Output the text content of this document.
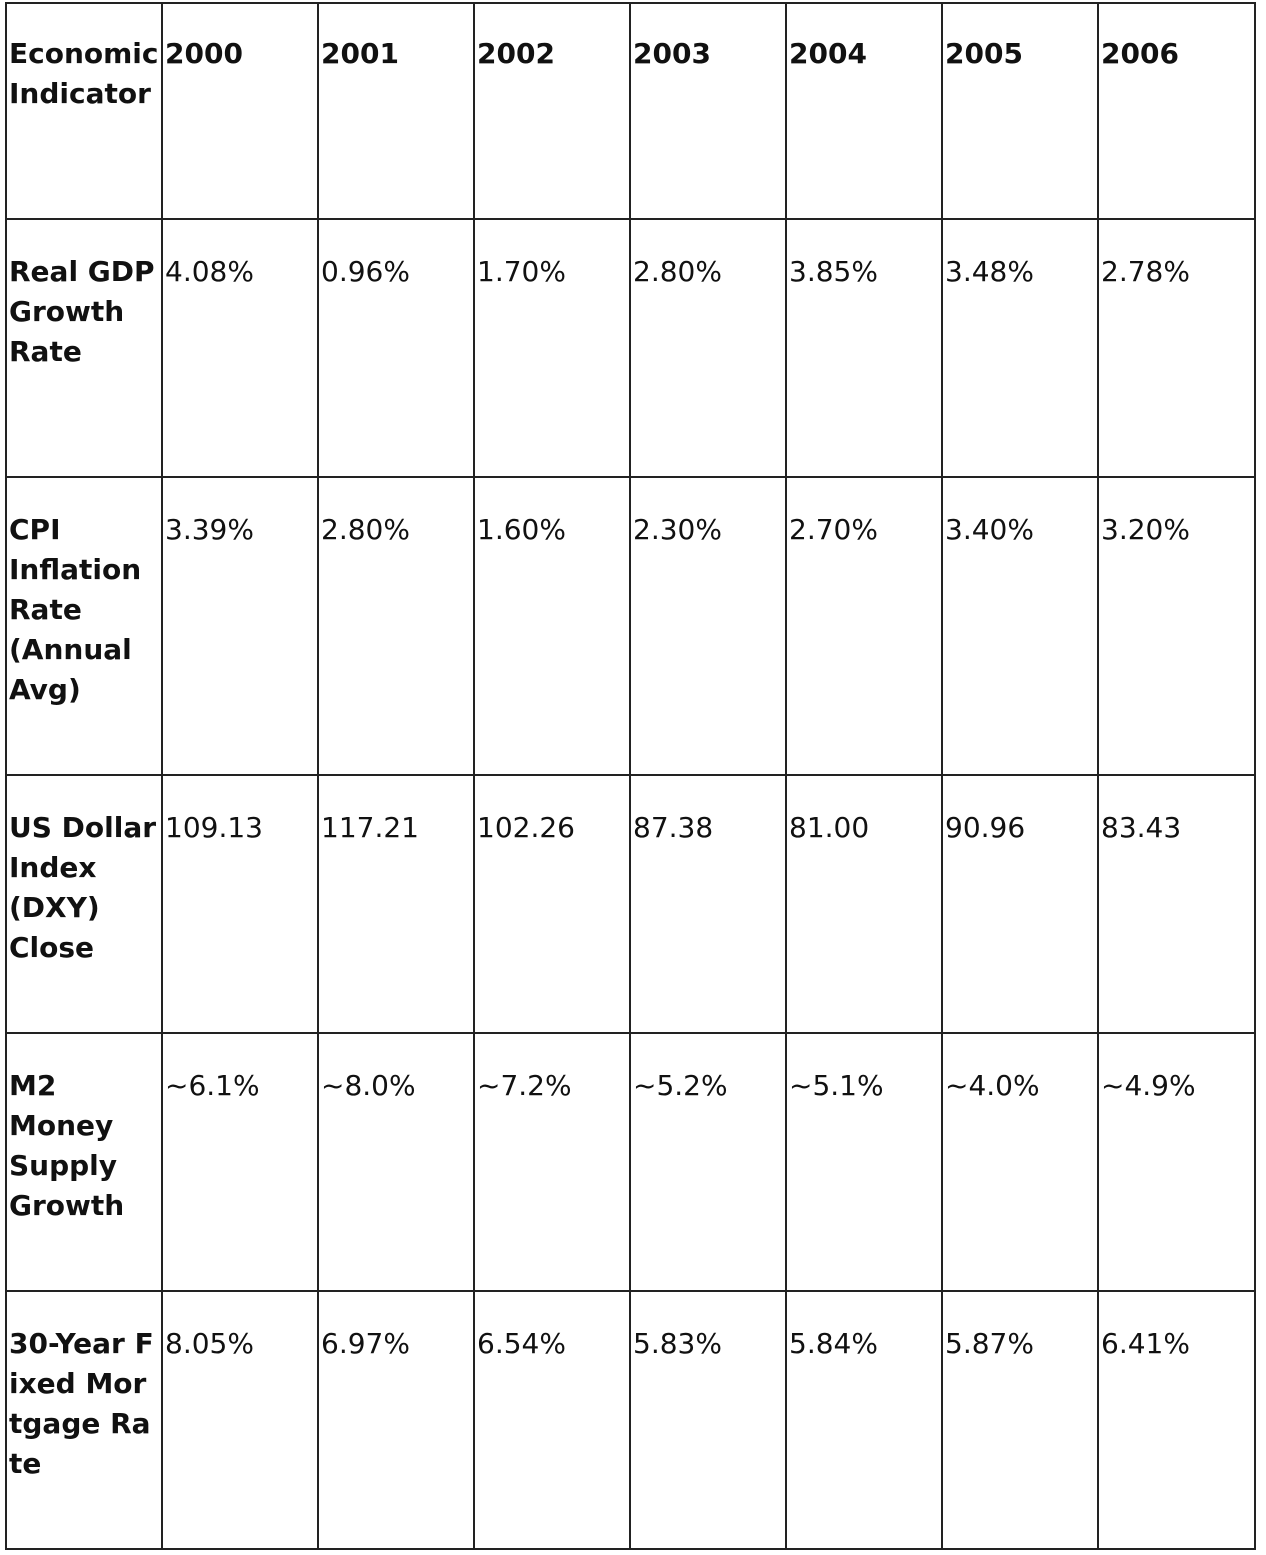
Economic Indicator	2000	2001	2002	2003	2004	2005	2006
Real GDP Growth Rate	4.08%	0.96%	1.70%	2.80%	3.85%	3.48%	2.78%
CPI Inflation Rate (Annual Avg)	3.39%	2.80%	1.60%	2.30%	2.70%	3.40%	3.20%
US Dollar Index (DXY) Close	109.13	117.21	102.26	87.38	81.00	90.96	83.43
M2 Money Supply Growth	~6.1%	~8.0%	~7.2%	~5.2%	~5.1%	~4.0%	~4.9%
30-Year Fixed Mortgage Rate	8.05%	6.97%	6.54%	5.83%	5.84%	5.87%	6.41%
